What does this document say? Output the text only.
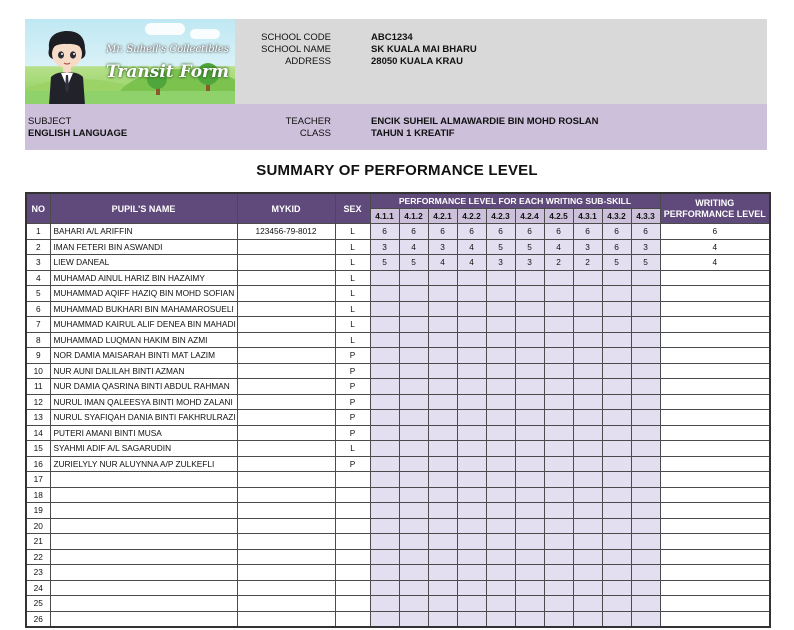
Mr. Suheil's Collectibles
Transit Form
SCHOOL CODE	ABC1234
SCHOOL NAME	SK KUALA MAI BHARU
ADDRESS	28050 KUALA KRAU
SUBJECT
ENGLISH LANGUAGE
TEACHER	ENCIK SUHEIL ALMAWARDIE BIN MOHD ROSLAN
CLASS	TAHUN 1 KREATIF
SUMMARY OF PERFORMANCE LEVEL
NO	PUPIL'S NAME	MYKID	SEX	PERFORMANCE LEVEL FOR EACH WRITING SUB-SKILL										WRITING
PERFORMANCE LEVEL

				4.1.1	4.1.2	4.2.1	4.2.2	4.2.3	4.2.4	4.2.5	4.3.1	4.3.2	4.3.3	
1	BAHARI A/L ARIFFIN	123456-79-8012	L	6	6	6	6	6	6	6	6	6	6	6
2	IMAN FETERI BIN ASWANDI		L	3	4	3	4	5	5	4	3	6	3	4
3	LIEW DANEAL		L	5	5	4	4	3	3	2	2	5	5	4
4	MUHAMAD AINUL HARIZ BIN HAZAIMY		L											
5	MUHAMMAD AQIFF HAZIQ BIN MOHD SOFIAN		L											
6	MUHAMMAD BUKHARI BIN MAHAMAROSUELI		L											
7	MUHAMMAD KAIRUL ALIF DENEA BIN MAHADI		L											
8	MUHAMMAD LUQMAN HAKIM BIN AZMI		L											
9	NOR DAMIA MAISARAH BINTI MAT LAZIM		P											
10	NUR AUNI DALILAH BINTI AZMAN		P											
11	NUR DAMIA QASRINA BINTI ABDUL RAHMAN		P											
12	NURUL IMAN QALEESYA BINTI MOHD ZALANI		P											
13	NURUL SYAFIQAH DANIA BINTI FAKHRULRAZI		P											
14	PUTERI AMANI BINTI MUSA		P											
15	SYAHMI ADIF A/L SAGARUDIN		L											
16	ZURIELYLY NUR ALUYNNA A/P ZULKEFLI		P											
17														
18														
19														
20														
21														
22														
23														
24														
25														
26														
